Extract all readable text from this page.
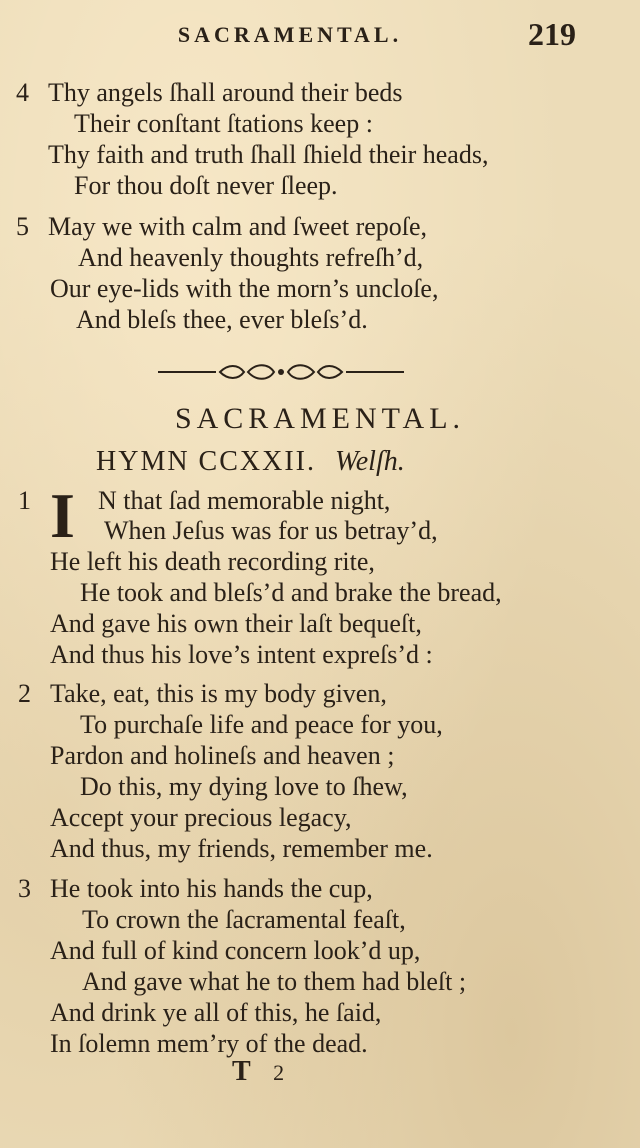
SACRAMENTAL.	219
4 Thy angels ſhall around their beds
Their conſtant ſtations keep :
Thy faith and truth ſhall ſhield their heads,
For thou doſt never ſleep.
5 May we with calm and ſweet repoſe,
And heavenly thoughts refreſh’d,
Our eye-lids with the morn’s uncloſe,
And bleſs thee, ever bleſs’d.
SACRAMENTAL.
HYMN CCXXII. Welſh.
1 I N that ſad memorable night,
When Jeſus was for us betray’d,
He left his death recording rite,
He took and bleſs’d and brake the bread,
And gave his own their laſt bequeſt,
And thus his love’s intent expreſs’d :
2 Take, eat, this is my body given,
To purchaſe life and peace for you,
Pardon and holineſs and heaven ;
Do this, my dying love to ſhew,
Accept your precious legacy,
And thus, my friends, remember me.
3 He took into his hands the cup,
To crown the ſacramental feaſt,
And full of kind concern look’d up,
And gave what he to them had bleſt ;
And drink ye all of this, he ſaid,
In ſolemn mem’ry of the dead.
T 2
